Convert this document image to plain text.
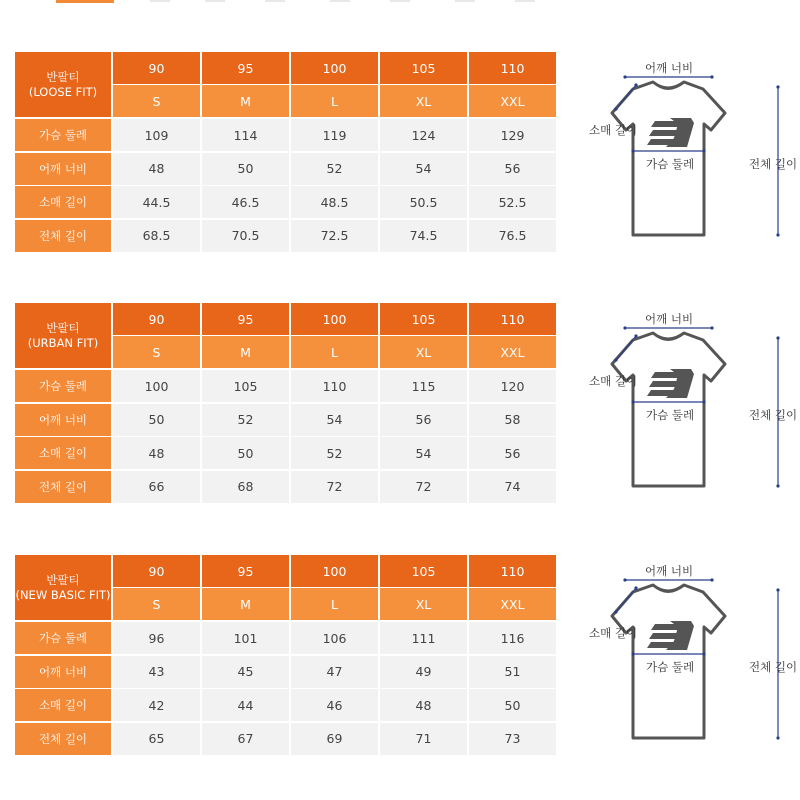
반팔티
(LOOSE FIT)
90	95	100	105	110
S	M	L	XL	XXL
가슴 둘레	109	114	119	124	129
어깨 너비	48	50	52	54	56
소매 길이	44.5	46.5	48.5	50.5	52.5
전체 길이	68.5	70.5	72.5	74.5	76.5
어깨 너비
소매 길이
가슴 둘레	전체 길이
반팔티
(URBAN FIT)
90	95	100	105	110
S	M	L	XL	XXL
가슴 둘레	100	105	110	115	120
어깨 너비	50	52	54	56	58
소매 길이	48	50	52	54	56
전체 길이	66	68	72	72	74
어깨 너비
소매 길이
가슴 둘레	전체 길이
반팔티
(NEW BASIC FIT)
90	95	100	105	110
S	M	L	XL	XXL
가슴 둘레	96	101	106	111	116
어깨 너비	43	45	47	49	51
소매 길이	42	44	46	48	50
전체 길이	65	67	69	71	73
어깨 너비
소매 길이
가슴 둘레	전체 길이
